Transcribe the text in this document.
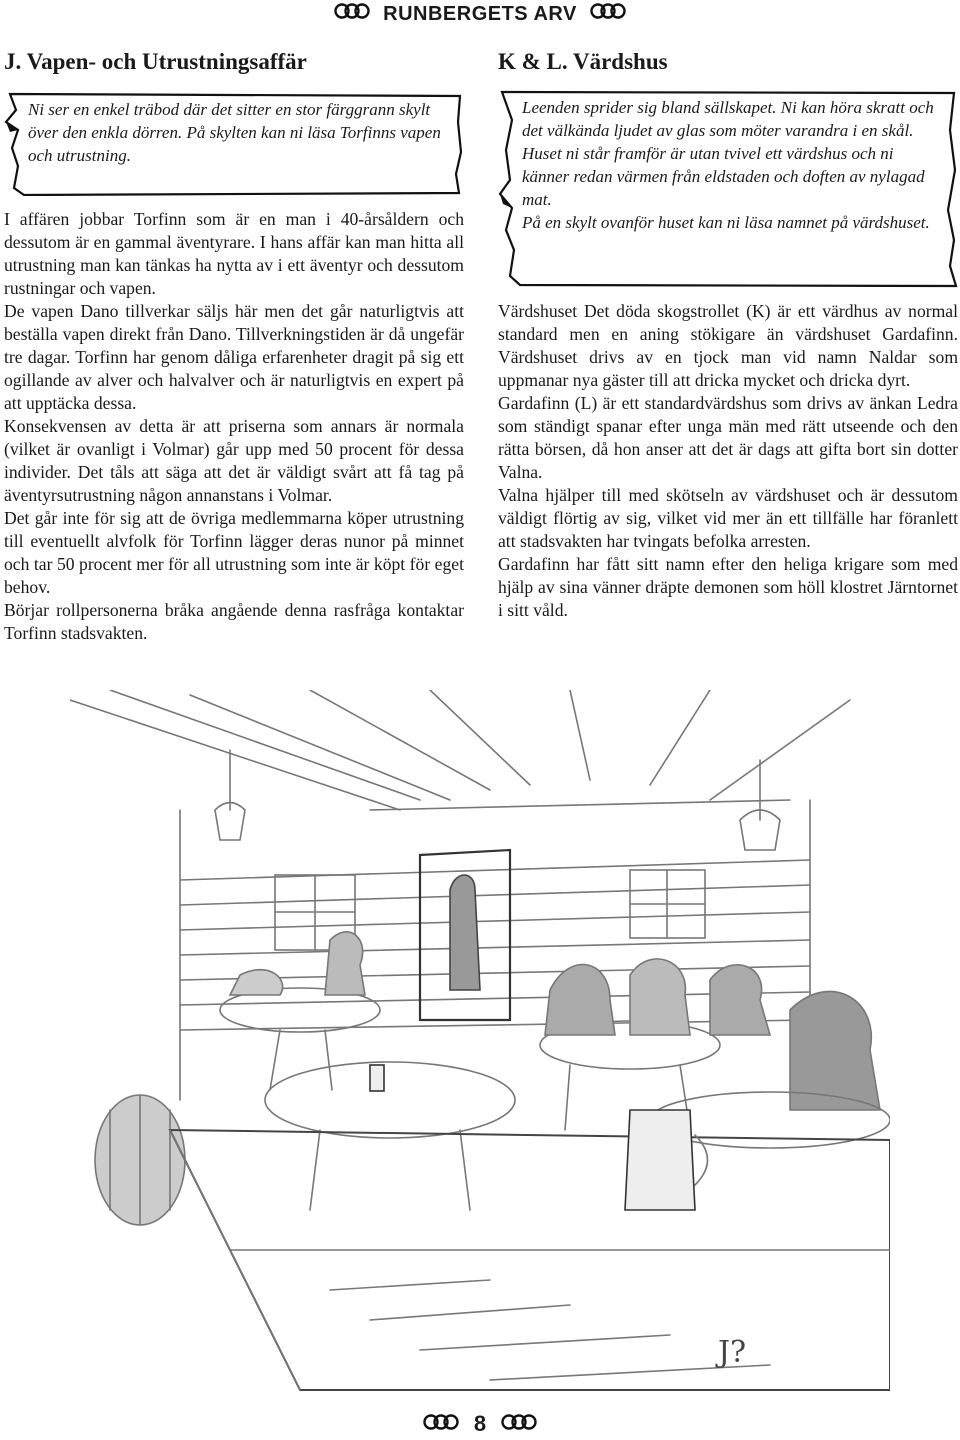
RUNBERGETS ARV
J. Vapen- och Utrustningsaffär

Ni ser en enkel träbod där det sitter en stor färggrann skylt över den enkla dörren. På skylten kan ni läsa Torfinns vapen och utrustning.

I affären jobbar Torfinn som är en man i 40-årsåldern och dessutom är en gammal äventyrare. I hans affär kan man hitta all utrustning man kan tänkas ha nytta av i ett äventyr och dessutom rustningar och vapen.

De vapen Dano tillverkar säljs här men det går naturligtvis att beställa vapen direkt från Dano. Tillverkningstiden är då ungefär tre dagar. Torfinn har genom dåliga erfarenheter dragit på sig ett ogillande av alver och halvalver och är naturligtvis en expert på att upptäcka dessa.

Konsekvensen av detta är att priserna som annars är normala (vilket är ovanligt i Volmar) går upp med 50 procent för dessa individer. Det tåls att säga att det är väldigt svårt att få tag på äventyrsutrustning någon annanstans i Volmar.

Det går inte för sig att de övriga medlemmarna köper utrustning till eventuellt alvfolk för Torfinn lägger deras nunor på minnet och tar 50 procent mer för all utrustning som inte är köpt för eget behov.

Börjar rollpersonerna bråka angående denna rasfråga kontaktar Torfinn stadsvakten.

K & L. Värdshus

Leenden sprider sig bland sällskapet. Ni kan höra skratt och det välkända ljudet av glas som möter varandra i en skål.

Huset ni står framför är utan tvivel ett värdshus och ni känner redan värmen från eldstaden och doften av nylagad mat.

På en skylt ovanför huset kan ni läsa namnet på värdshuset.

Värdshuset Det döda skogstrollet (K) är ett värdhus av normal standard men en aning stökigare än värdshuset Gardafinn. Värdshuset drivs av en tjock man vid namn Naldar som uppmanar nya gäster till att dricka mycket och dricka dyrt.

Gardafinn (L) är ett standardvärdshus som drivs av änkan Ledra som ständigt spanar efter unga män med rätt utseende och den rätta börsen, då hon anser att det är dags att gifta bort sin dotter Valna.

Valna hjälper till med skötseln av värdshuset och är dessutom väldigt flörtig av sig, vilket vid mer än ett tillfälle har föranlett att stadsvakten har tvingats befolka arresten.

Gardafinn har fått sitt namn efter den heliga krigare som med hjälp av sina vänner dräpte demonen som höll klostret Järntornet i sitt våld.

J?
8
